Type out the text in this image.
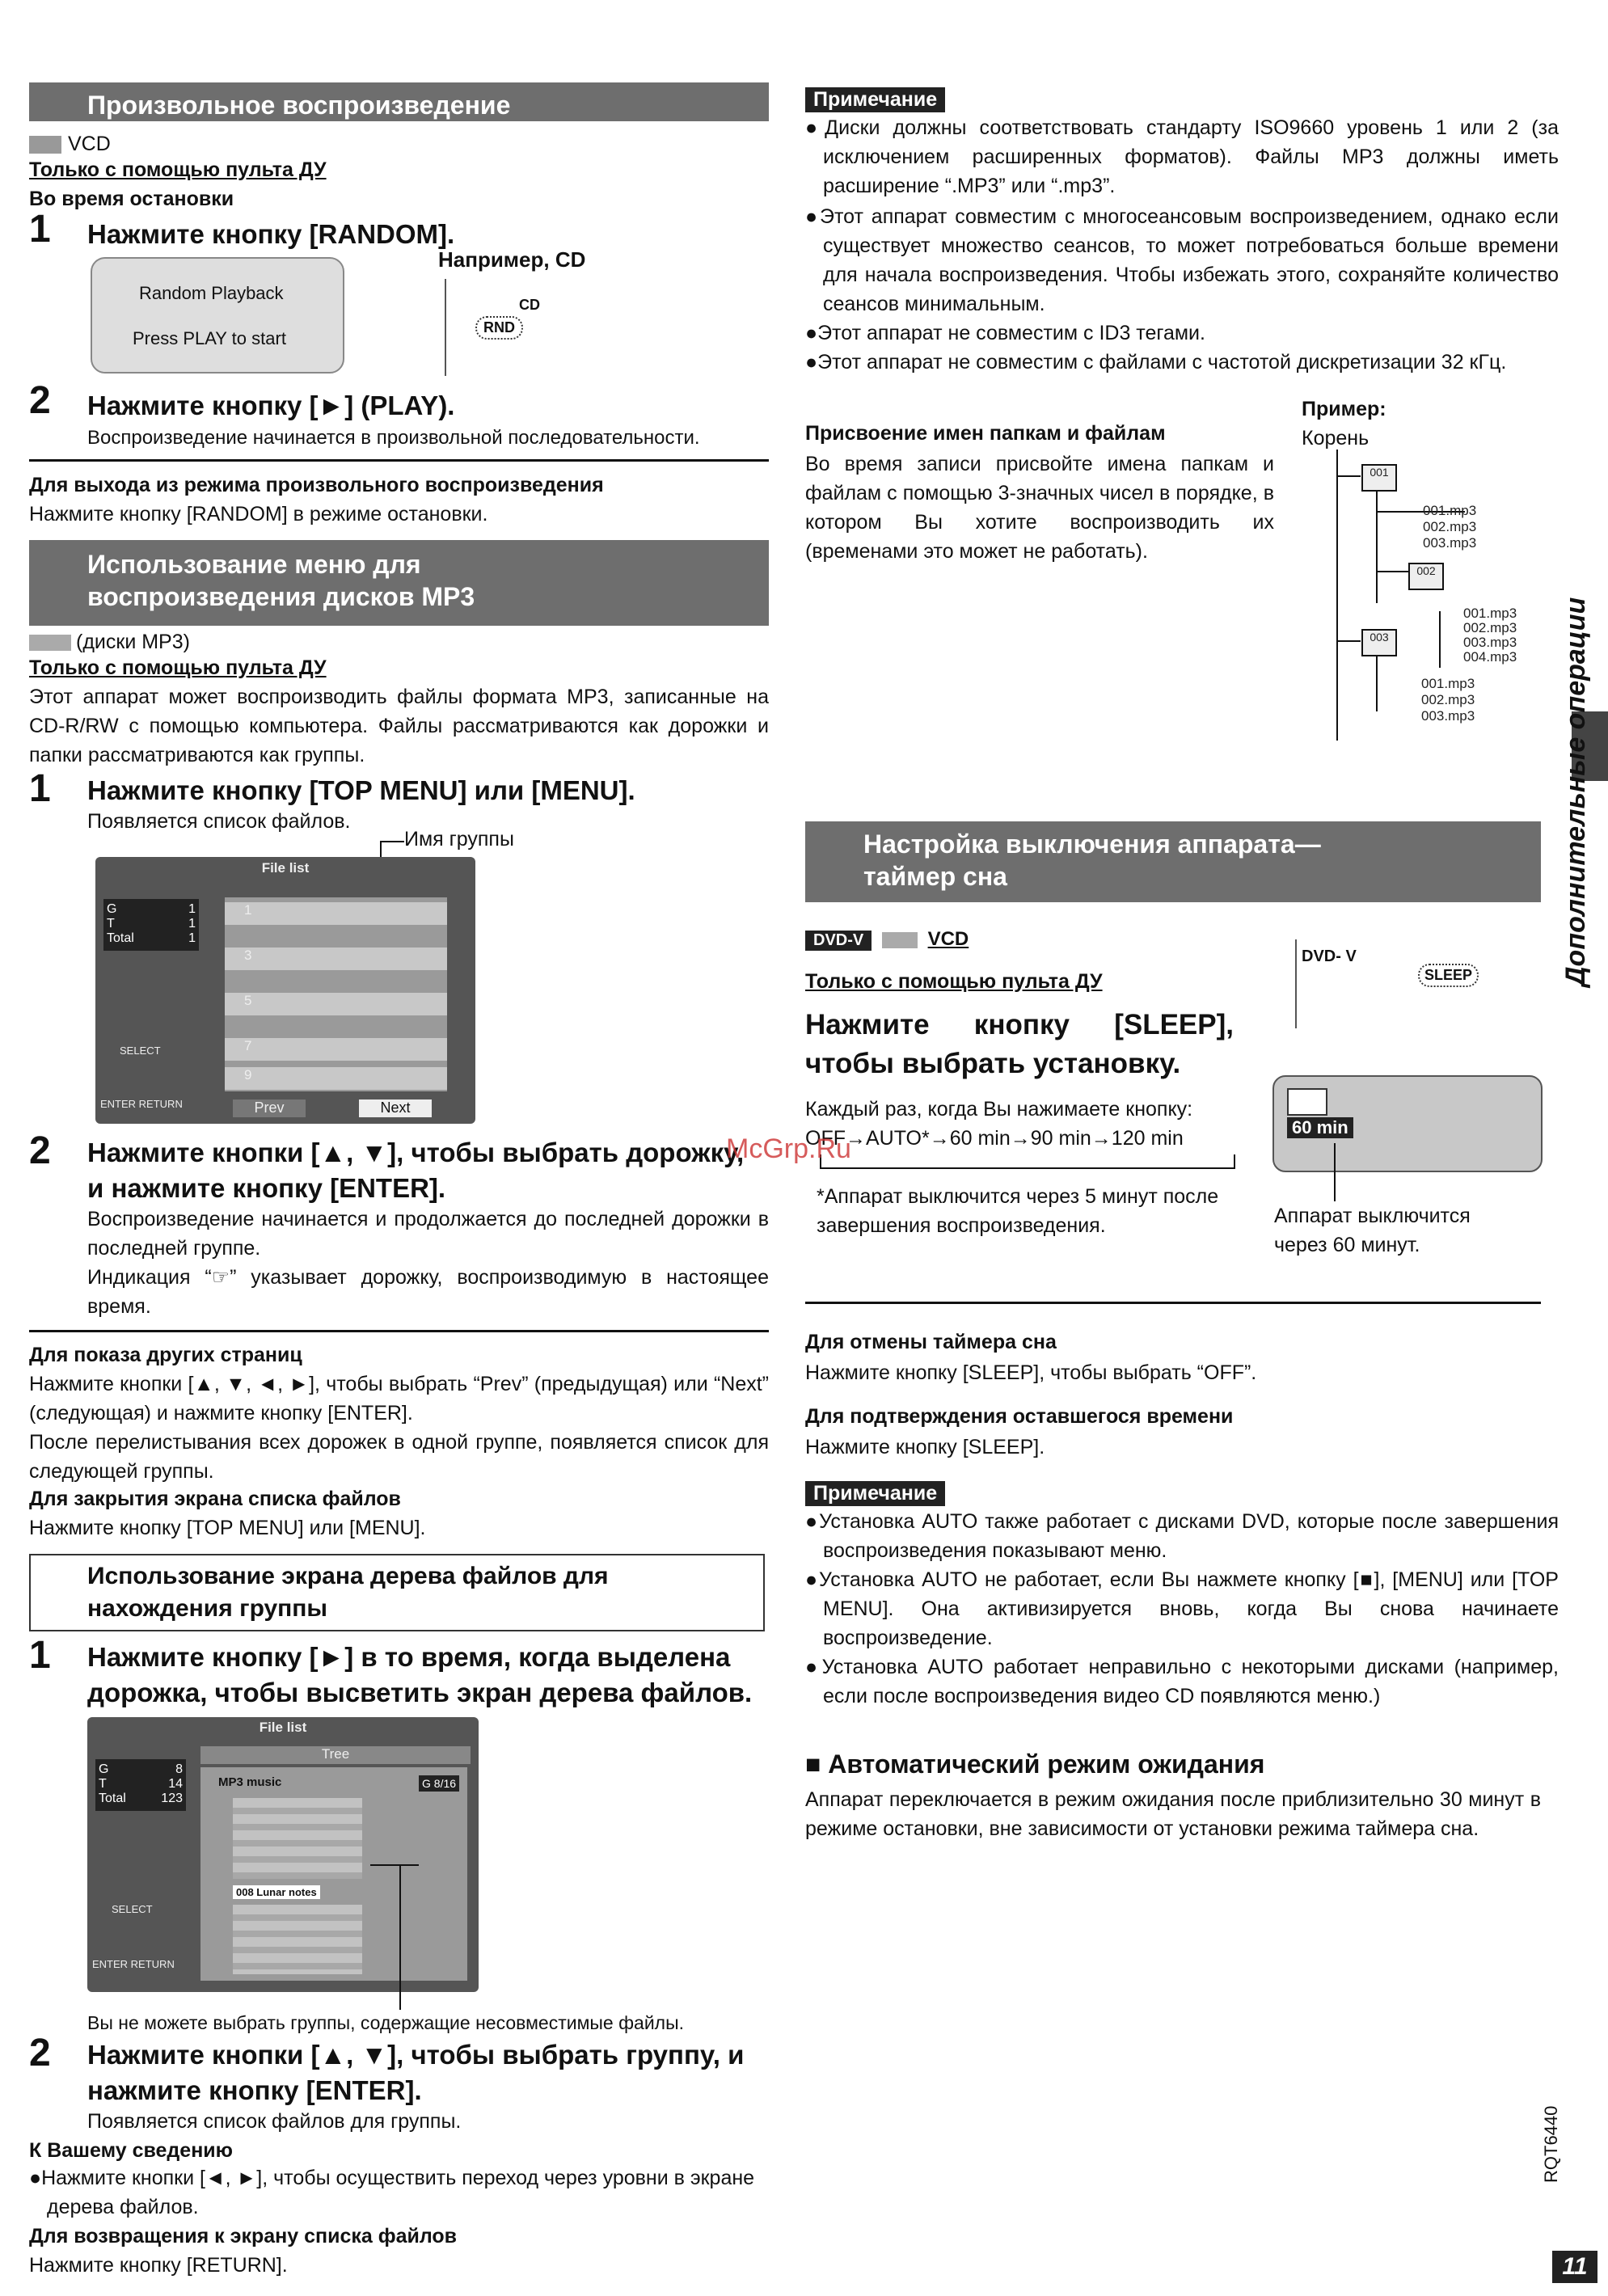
Произвольное воспроизведение
VCD
Только с помощью пульта ДУ
Во время остановки
1 Нажмите кнопку [RANDOM].
Random Playback
Press PLAY to start
Например, CD
CD
RND
2 Нажмите кнопку [►] (PLAY).
Воспроизведение начинается в произвольной последовательности.
Для выхода из режима произвольного воспроизведения
Нажмите кнопку [RANDOM] в режиме остановки.
Использование меню для
воспроизведения дисков MP3
(диски MP3)
Только с помощью пульта ДУ
Этот аппарат может воспроизводить файлы формата MP3, записанные на CD-R/RW с помощью компьютера. Файлы рассматриваются как дорожки и папки рассматриваются как группы.
1 Нажмите кнопку [TOP MENU] или [MENU].
Появляется список файлов.
Имя группы
File list
G	1
T	1
Total	1
1
3
5
7
9
SELECT
ENTER RETURN	Prev	Next
2 Нажмите кнопки [▲, ▼], чтобы выбрать дорожку, и нажмите кнопку [ENTER].
Воспроизведение начинается и продолжается до последней дорожки в последней группе.
Индикация “☞” указывает дорожку, воспроизводимую в настоящее время.
Для показа других страниц
Нажмите кнопки [▲, ▼, ◄, ►], чтобы выбрать “Prev” (предыдущая) или “Next” (следующая) и нажмите кнопку [ENTER].
После перелистывания всех дорожек в одной группе, появляется список для следующей группы.
Для закрытия экрана списка файлов
Нажмите кнопку [TOP MENU] или [MENU].
Использование экрана дерева файлов для
нахождения группы
1 Нажмите кнопку [►] в то время, когда выделена дорожка, чтобы высветить экран дерева файлов.
File list
Tree
G	8
T	14
Total	123
MP3 music	G 8/16
008 Lunar notes
SELECT
ENTER RETURN
Вы не можете выбрать группы, содержащие несовместимые файлы.
2 Нажмите кнопки [▲, ▼], чтобы выбрать группу, и нажмите кнопку [ENTER].
Появляется список файлов для группы.
К Вашему сведению
●Нажмите кнопки [◄, ►], чтобы осуществить переход через уровни в экране дерева файлов.
Для возвращения к экрану списка файлов
Нажмите кнопку [RETURN].
Примечание
●Диски должны соответствовать стандарту ISO9660 уровень 1 или 2 (за исключением расширенных форматов). Файлы MP3 должны иметь расширение “.MP3” или “.mp3”.
●Этот аппарат совместим с многосеансовым воспроизведением, однако если существует множество сеансов, то может потребоваться больше времени для начала воспроизведения. Чтобы избежать этого, сохраняйте количество сеансов минимальным.
●Этот аппарат не совместим с ID3 тегами.
●Этот аппарат не совместим с файлами с частотой дискретизации 32 кГц.
Присвоение имен папкам и файлам
Во время записи присвойте имена папкам и файлам с помощью 3-значных чисел в порядке, в котором Вы хотите воспроизводить их (временами это может не работать).
Пример:
Корень
001
001.mp3
002.mp3
003.mp3
002
001.mp3
002.mp3
003.mp3
004.mp3
003
001.mp3
002.mp3
003.mp3
Настройка выключения аппарата—
таймер сна
DVD-V	VCD
Только с помощью пульта ДУ
Нажмите кнопку [SLEEP],
чтобы выбрать установку.
DVD- V
SLEEP
Каждый раз, когда Вы нажимаете кнопку:
OFF→AUTO*→60 min→90 min→120 min
*Аппарат выключится через 5 минут после завершения воспроизведения.
60 min
Аппарат выключится
через 60 минут.
Для отмены таймера сна
Нажмите кнопку [SLEEP], чтобы выбрать “OFF”.
Для подтверждения оставшегося времени
Нажмите кнопку [SLEEP].
Примечание
●Установка AUTO также работает с дисками DVD, которые после завершения воспроизведения показывают меню.
●Установка AUTO не работает, если Вы нажмете кнопку [■], [MENU] или [TOP MENU]. Она активизируется вновь, когда Вы снова начинаете воспроизведение.
●Установка AUTO работает неправильно с некоторыми дисками (например, если после воспроизведения видео CD появляются меню.)
■ Автоматический режим ожидания
Аппарат переключается в режим ожидания после приблизительно 30 минут в режиме остановки, вне зависимости от установки режима таймера сна.
Дополнительные операции
McGrp.Ru
RQT6440
11
